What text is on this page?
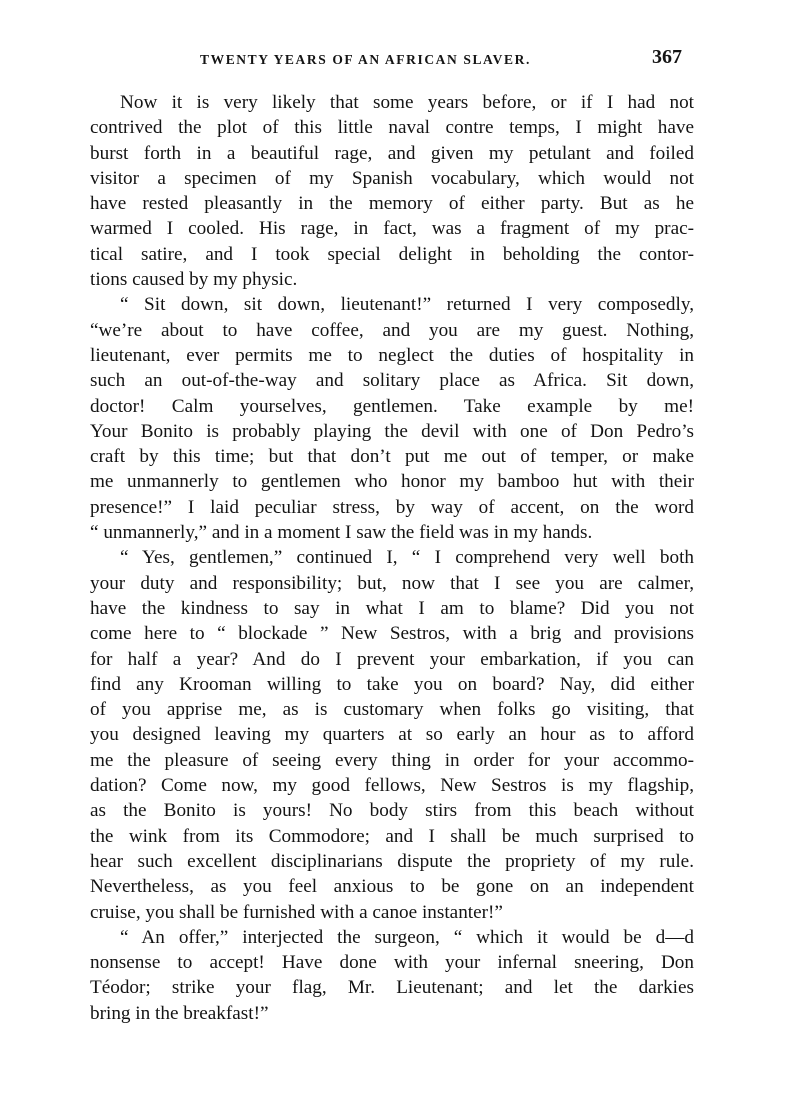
TWENTY YEARS OF AN AFRICAN SLAVER.	367
Now it is very likely that some years before, or if I had not
contrived the plot of this little naval contre temps, I might have
burst forth in a beautiful rage, and given my petulant and foiled
visitor a specimen of my Spanish vocabulary, which would not
have rested pleasantly in the memory of either party. But as he
warmed I cooled. His rage, in fact, was a fragment of my prac-
tical satire, and I took special delight in beholding the contor-
tions caused by my physic.
“ Sit down, sit down, lieutenant!” returned I very composedly,
“we’re about to have coffee, and you are my guest. Nothing,
lieutenant, ever permits me to neglect the duties of hospitality in
such an out-of-the-way and solitary place as Africa. Sit down,
doctor! Calm yourselves, gentlemen. Take example by me!
Your Bonito is probably playing the devil with one of Don Pedro’s
craft by this time; but that don’t put me out of temper, or make
me unmannerly to gentlemen who honor my bamboo hut with their
presence!” I laid peculiar stress, by way of accent, on the word
“ unmannerly,” and in a moment I saw the field was in my hands.
“ Yes, gentlemen,” continued I, “ I comprehend very well both
your duty and responsibility; but, now that I see you are calmer,
have the kindness to say in what I am to blame? Did you not
come here to “ blockade ” New Sestros, with a brig and provisions
for half a year? And do I prevent your embarkation, if you can
find any Krooman willing to take you on board? Nay, did either
of you apprise me, as is customary when folks go visiting, that
you designed leaving my quarters at so early an hour as to afford
me the pleasure of seeing every thing in order for your accommo-
dation? Come now, my good fellows, New Sestros is my flagship,
as the Bonito is yours! No body stirs from this beach without
the wink from its Commodore; and I shall be much surprised to
hear such excellent disciplinarians dispute the propriety of my rule.
Nevertheless, as you feel anxious to be gone on an independent
cruise, you shall be furnished with a canoe instanter!”
“ An offer,” interjected the surgeon, “ which it would be d—d
nonsense to accept! Have done with your infernal sneering, Don
Téodor; strike your flag, Mr. Lieutenant; and let the darkies
bring in the breakfast!”
